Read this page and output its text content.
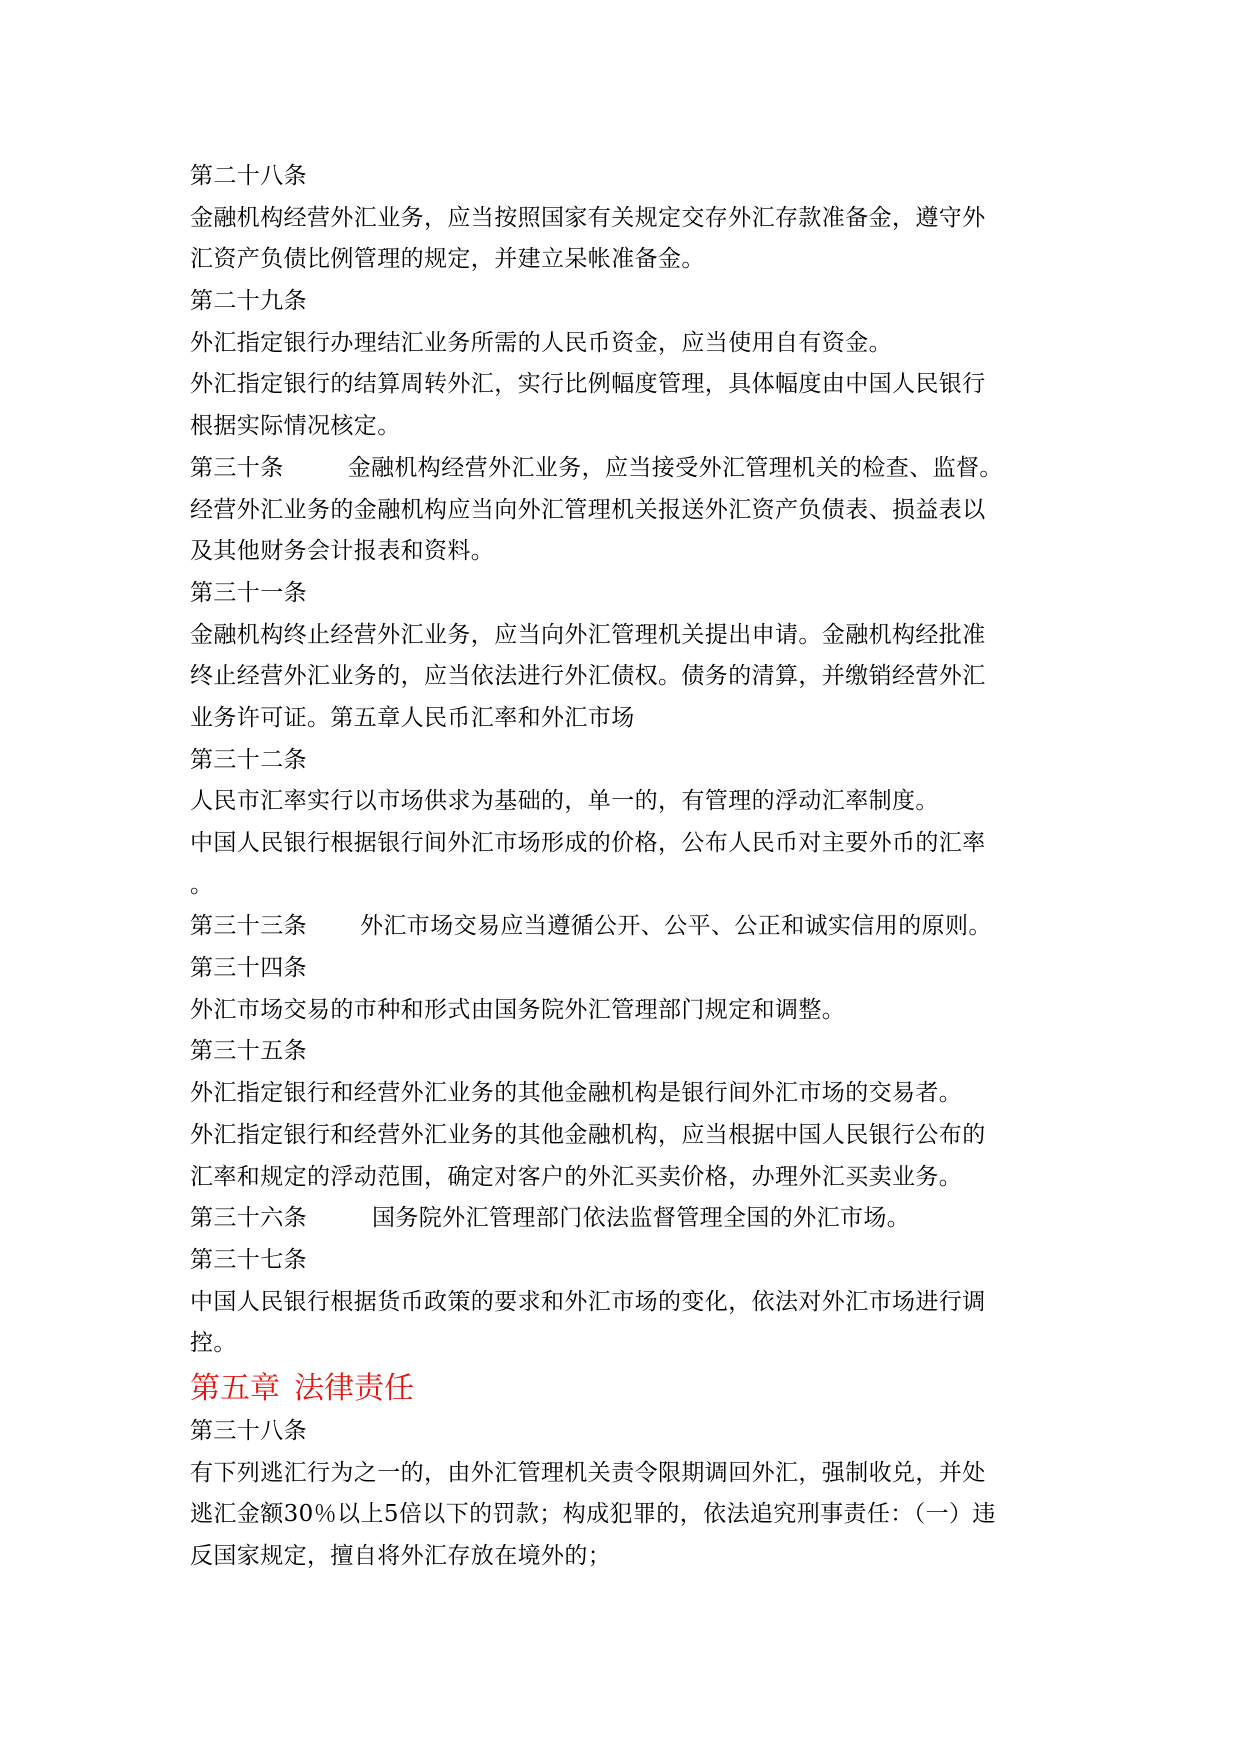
第二十八条
金融机构经营外汇业务，应当按照国家有关规定交存外汇存款准备金，遵守外
汇资产负债比例管理的规定，并建立呆帐准备金。
第二十九条
外汇指定银行办理结汇业务所需的人民币资金，应当使用自有资金。
外汇指定银行的结算周转外汇，实行比例幅度管理，具体幅度由中国人民银行
根据实际情况核定。
第三十条	金融机构经营外汇业务，应当接受外汇管理机关的检查、监督。
经营外汇业务的金融机构应当向外汇管理机关报送外汇资产负债表、损益表以
及其他财务会计报表和资料。
第三十一条
金融机构终止经营外汇业务，应当向外汇管理机关提出申请。金融机构经批准
终止经营外汇业务的，应当依法进行外汇债权。债务的清算，并缴销经营外汇
业务许可证。第五章人民币汇率和外汇市场
第三十二条
人民市汇率实行以市场供求为基础的，单一的，有管理的浮动汇率制度。
中国人民银行根据银行间外汇市场形成的价格，公布人民币对主要外币的汇率
。
第三十三条 外汇市场交易应当遵循公开、公平、公正和诚实信用的原则。
第三十四条
外汇市场交易的市种和形式由国务院外汇管理部门规定和调整。
第三十五条
外汇指定银行和经营外汇业务的其他金融机构是银行间外汇市场的交易者。
外汇指定银行和经营外汇业务的其他金融机构，应当根据中国人民银行公布的
汇率和规定的浮动范围，确定对客户的外汇买卖价格，办理外汇买卖业务。
第三十六条	国务院外汇管理部门依法监督管理全国的外汇市场。
第三十七条
中国人民银行根据货币政策的要求和外汇市场的变化，依法对外汇市场进行调
控。
第五章 法律责任
第三十八条
有下列逃汇行为之一的，由外汇管理机关责令限期调回外汇，强制收兑，并处
逃汇金额30％以上5倍以下的罚款；构成犯罪的，依法追究刑事责任：（一）违
反国家规定，擅自将外汇存放在境外的；
